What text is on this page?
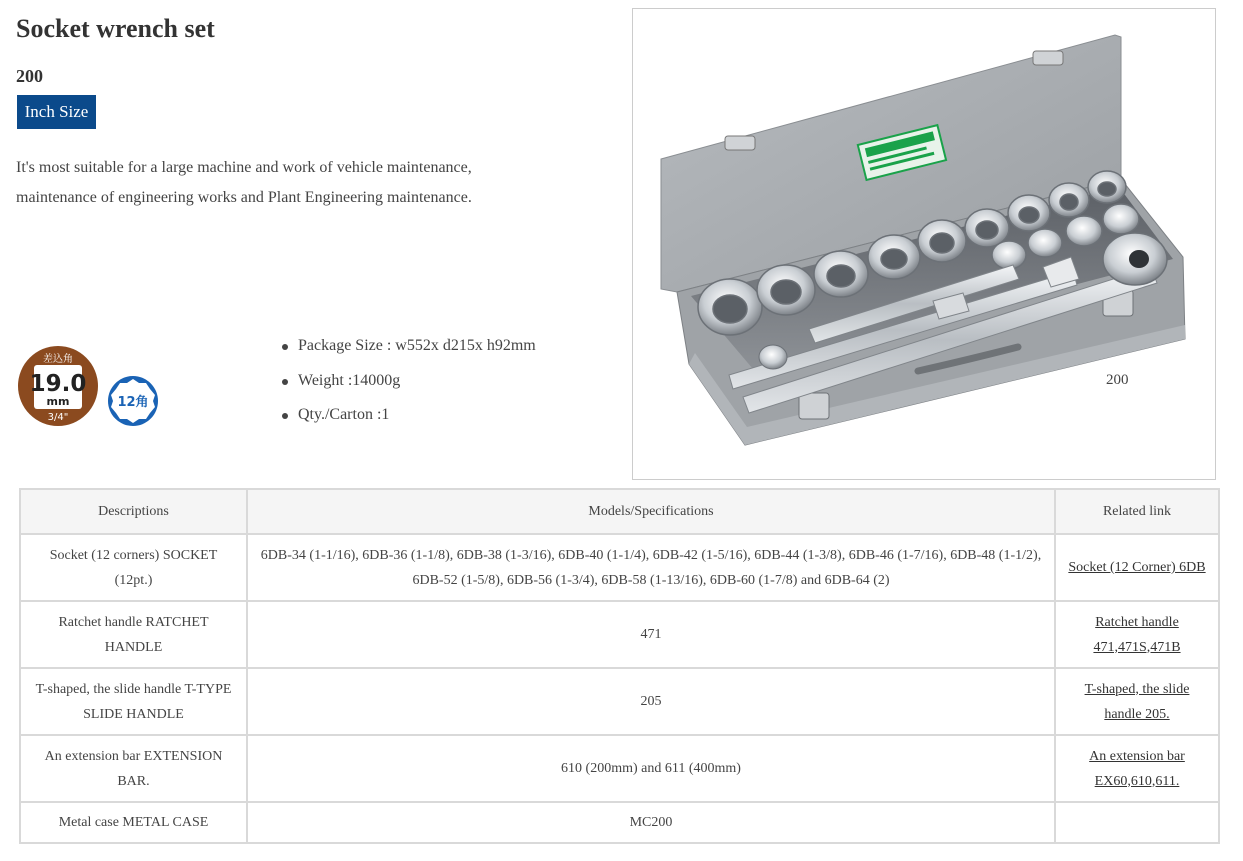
Socket wrench set
200
Inch Size
It's most suitable for a large machine and work of vehicle maintenance,
maintenance of engineering works and Plant Engineering maintenance.
差込角
19.0
mm
3/4"
12角
Package Size : w552x d215x h92mm
Weight :14000g
Qty./Carton :1
200
Descriptions	Models/Specifications	Related link
Socket (12 corners) SOCKET (12pt.)	6DB-34 (1-1/16), 6DB-36 (1-1/8), 6DB-38 (1-3/16), 6DB-40 (1-1/4), 6DB-42 (1-5/16), 6DB-44 (1-3/8), 6DB-46 (1-7/16), 6DB-48 (1-1/2), 6DB-52 (1-5/8), 6DB-56 (1-3/4), 6DB-58 (1-13/16), 6DB-60 (1-7/8) and 6DB-64 (2)	Socket (12 Corner) 6DB
Ratchet handle RATCHET HANDLE	471	Ratchet handle 471,471S,471B
T-shaped, the slide handle T-TYPE SLIDE HANDLE	205	T-shaped, the slide handle 205.
An extension bar EXTENSION BAR.	610 (200mm) and 611 (400mm)	An extension bar EX60,610,611.
Metal case METAL CASE	MC200	
